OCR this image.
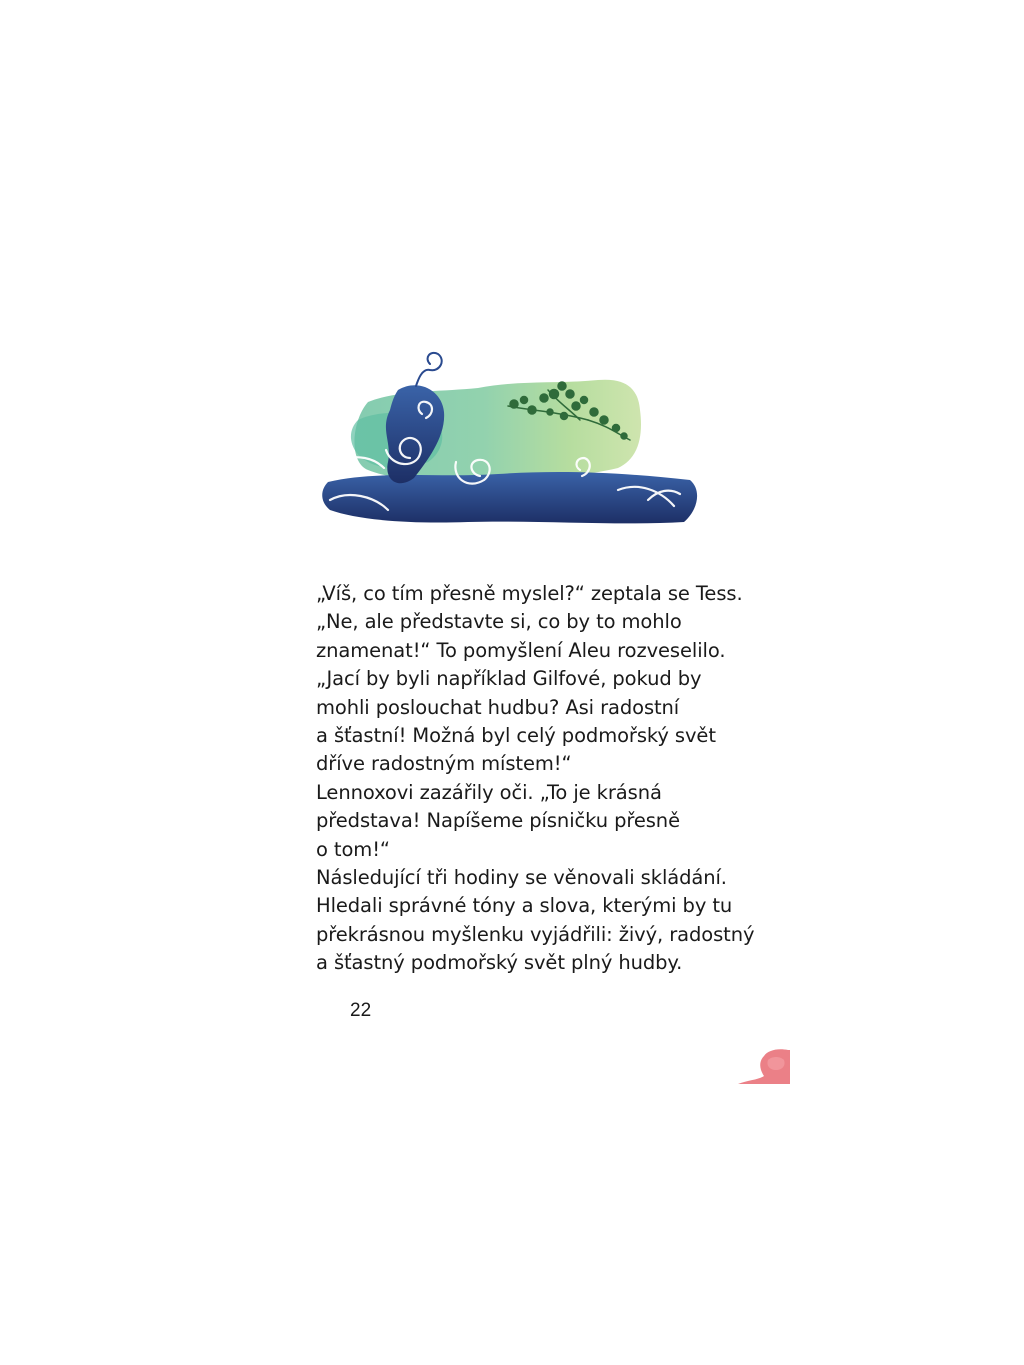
„Víš, co tím přesně myslel?“ zeptala se Tess.
„Ne, ale představte si, co by to mohlo
znamenat!“ To pomyšlení Aleu rozveselilo.
„Jací by byli například Gilfové, pokud by
mohli poslouchat hudbu? Asi radostní
a šťastní! Možná byl celý podmořský svět
dříve radostným místem!“
Lennoxovi zazářily oči. „To je krásná
představa! Napíšeme písničku přesně
o tom!“
Následující tři hodiny se věnovali skládání.
Hledali správné tóny a slova, kterými by tu
překrásnou myšlenku vyjádřili: živý, radostný
a šťastný podmořský svět plný hudby.
22
